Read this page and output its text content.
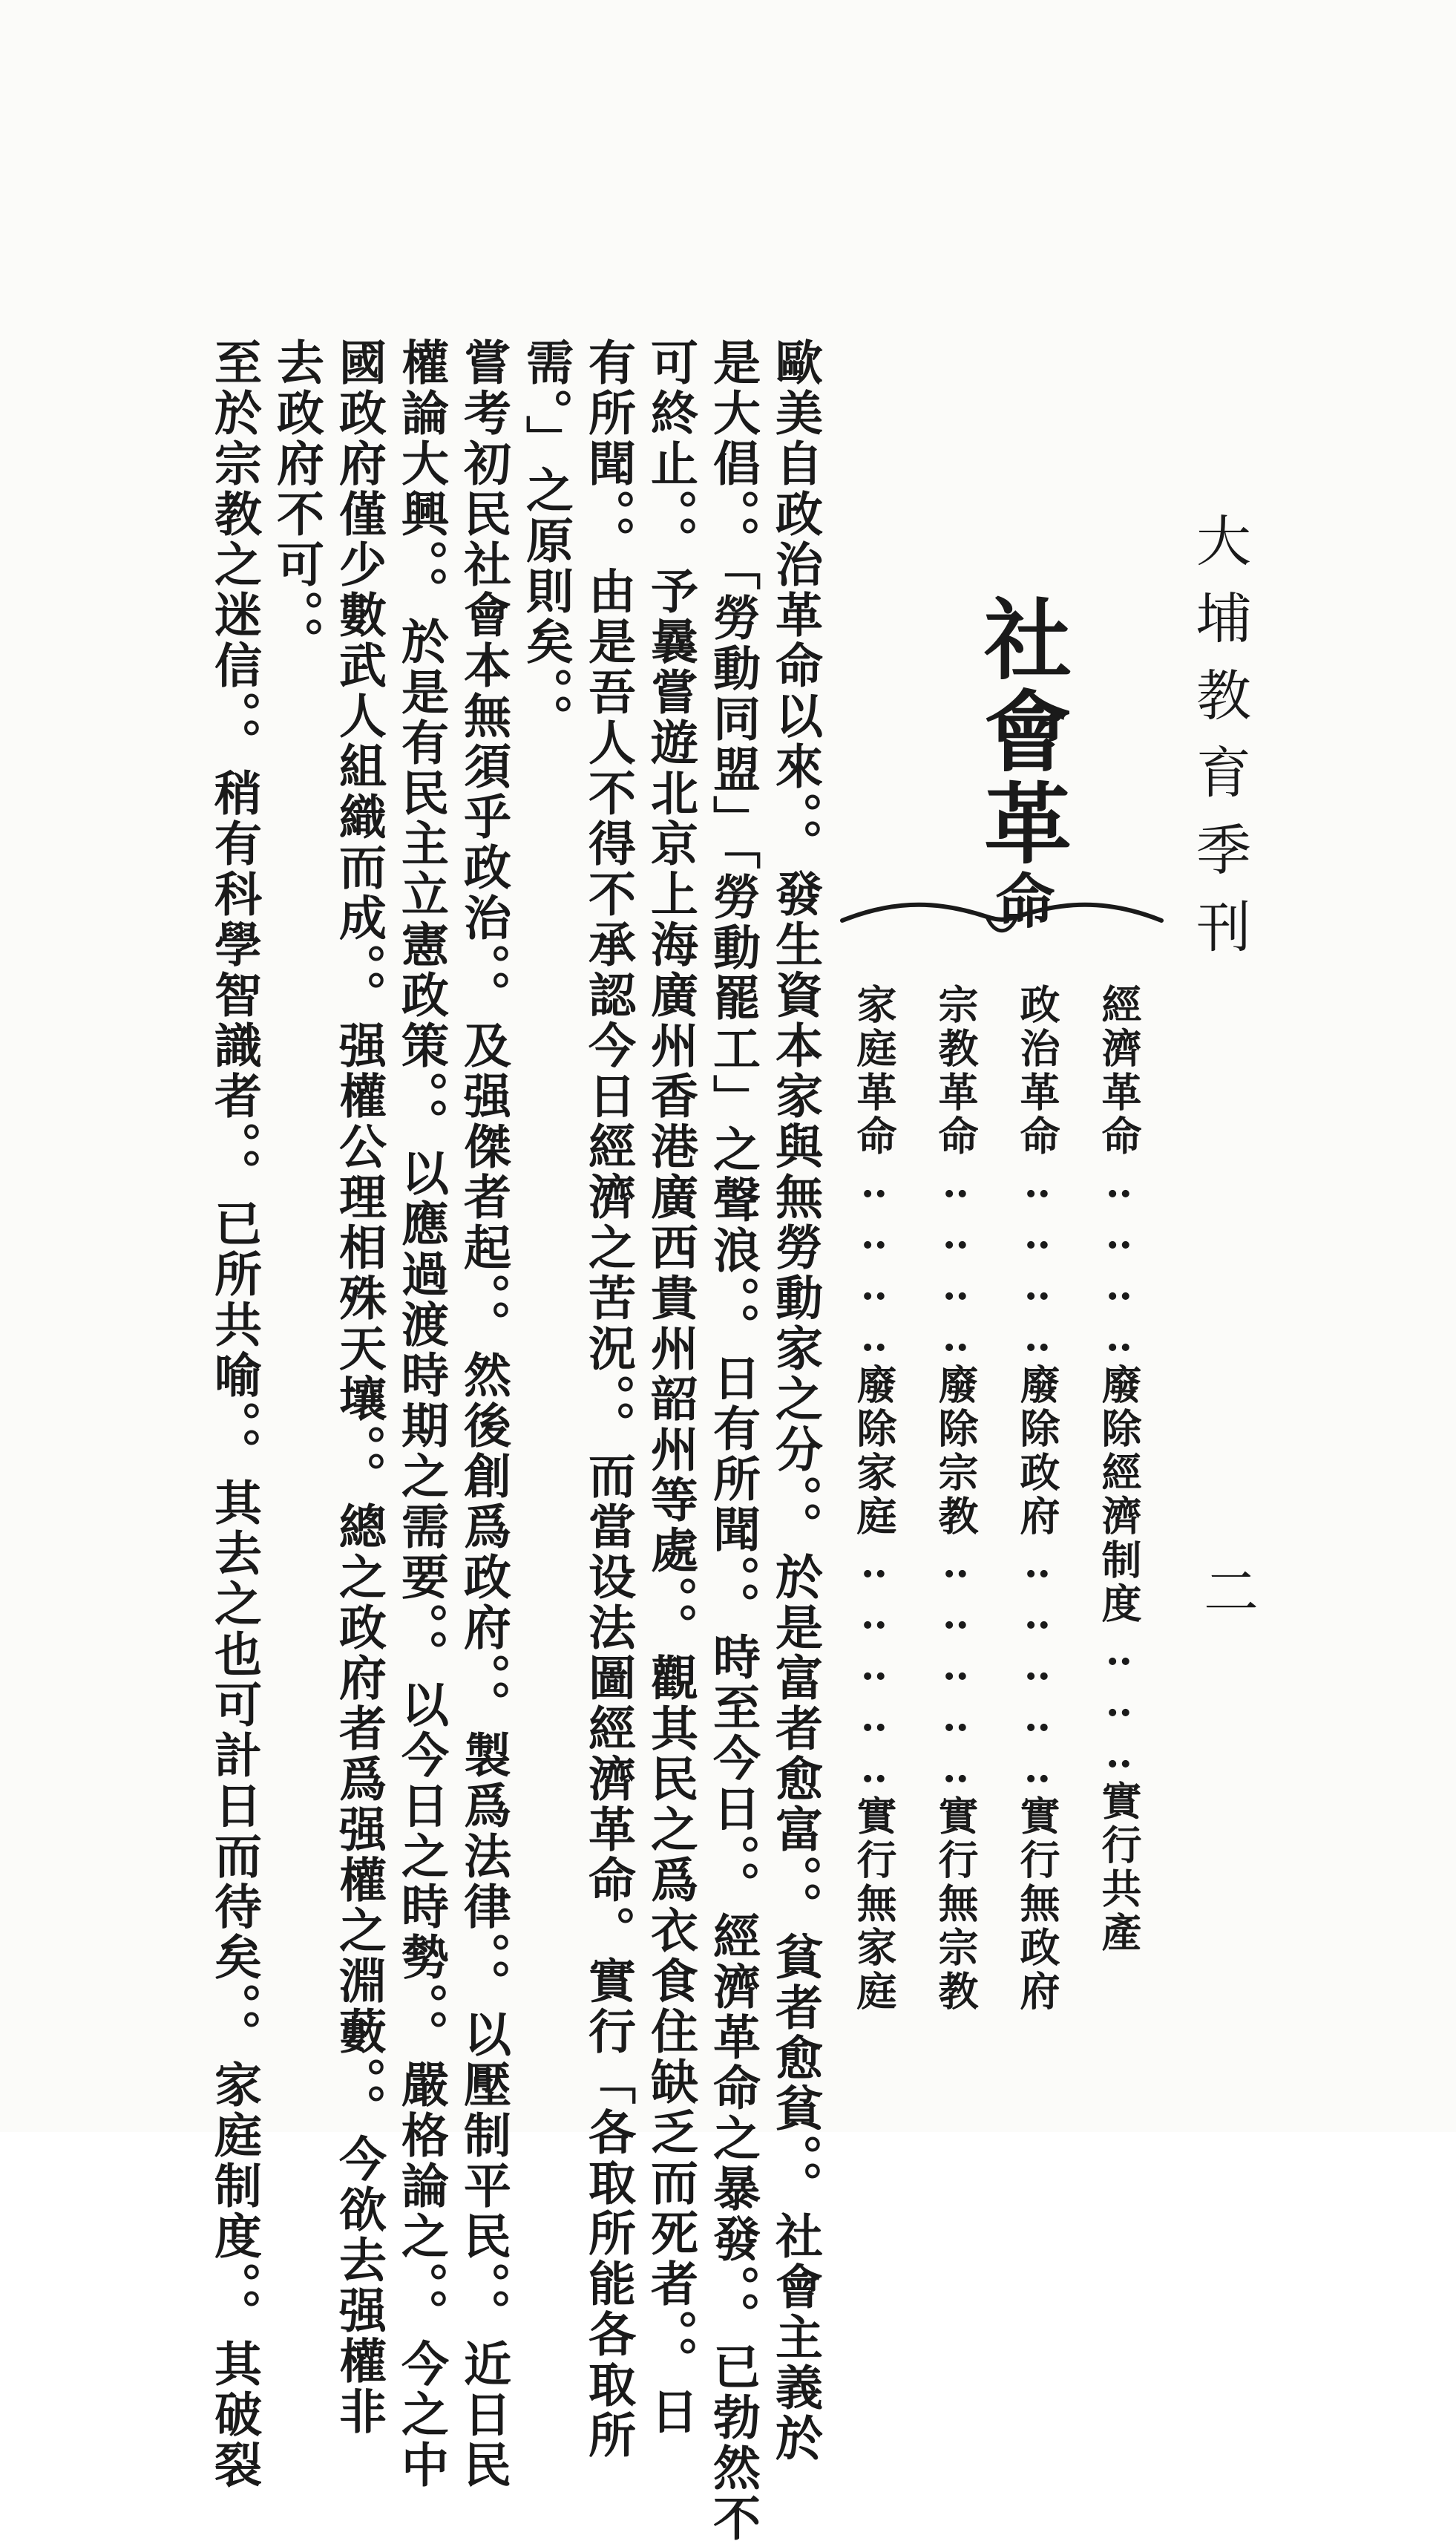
大埔教育季刊
二
社會革命
經濟革命‥‥‥‥廢除經濟制度‥‥‥實行共產
政治革命‥‥‥‥廢除政府‥‥‥‥‥實行無政府
宗教革命‥‥‥‥廢除宗教‥‥‥‥‥實行無宗教
家庭革命‥‥‥‥廢除家庭‥‥‥‥‥實行無家庭
歐美自政治革命以來。。發生資本家與無勞動家之分。。於是富者愈富。。貧者愈貧。。社會主義於
是大倡。。「勞動同盟」「勞動罷工」之聲浪。。日有所聞。。時至今日。。經濟革命之暴發。。已勃然不
可終止。。予曩嘗遊北京上海廣州香港廣西貴州韶州等處。。觀其民之爲衣食住缺乏而死者。。日
有所聞。。由是吾人不得不承認今日經濟之苦況。。而當设法圖經濟革命。實行「各取所能各取所
需。」之原則矣。。
嘗考初民社會本無須乎政治。。及强傑者起。。然後創爲政府。。製爲法律。。以壓制平民。。近日民
權論大興。。於是有民主立憲政策。。以應過渡時期之需要。。以今日之時勢。。嚴格論之。。今之中
國政府僅少數武人組織而成。。强權公理相殊天壤。。總之政府者爲强權之淵藪。。今欲去强權非
去政府不可。。
至於宗教之迷信。。稍有科學智識者。。已所共喻。。其去之也可計日而待矣。。家庭制度。。其破裂
